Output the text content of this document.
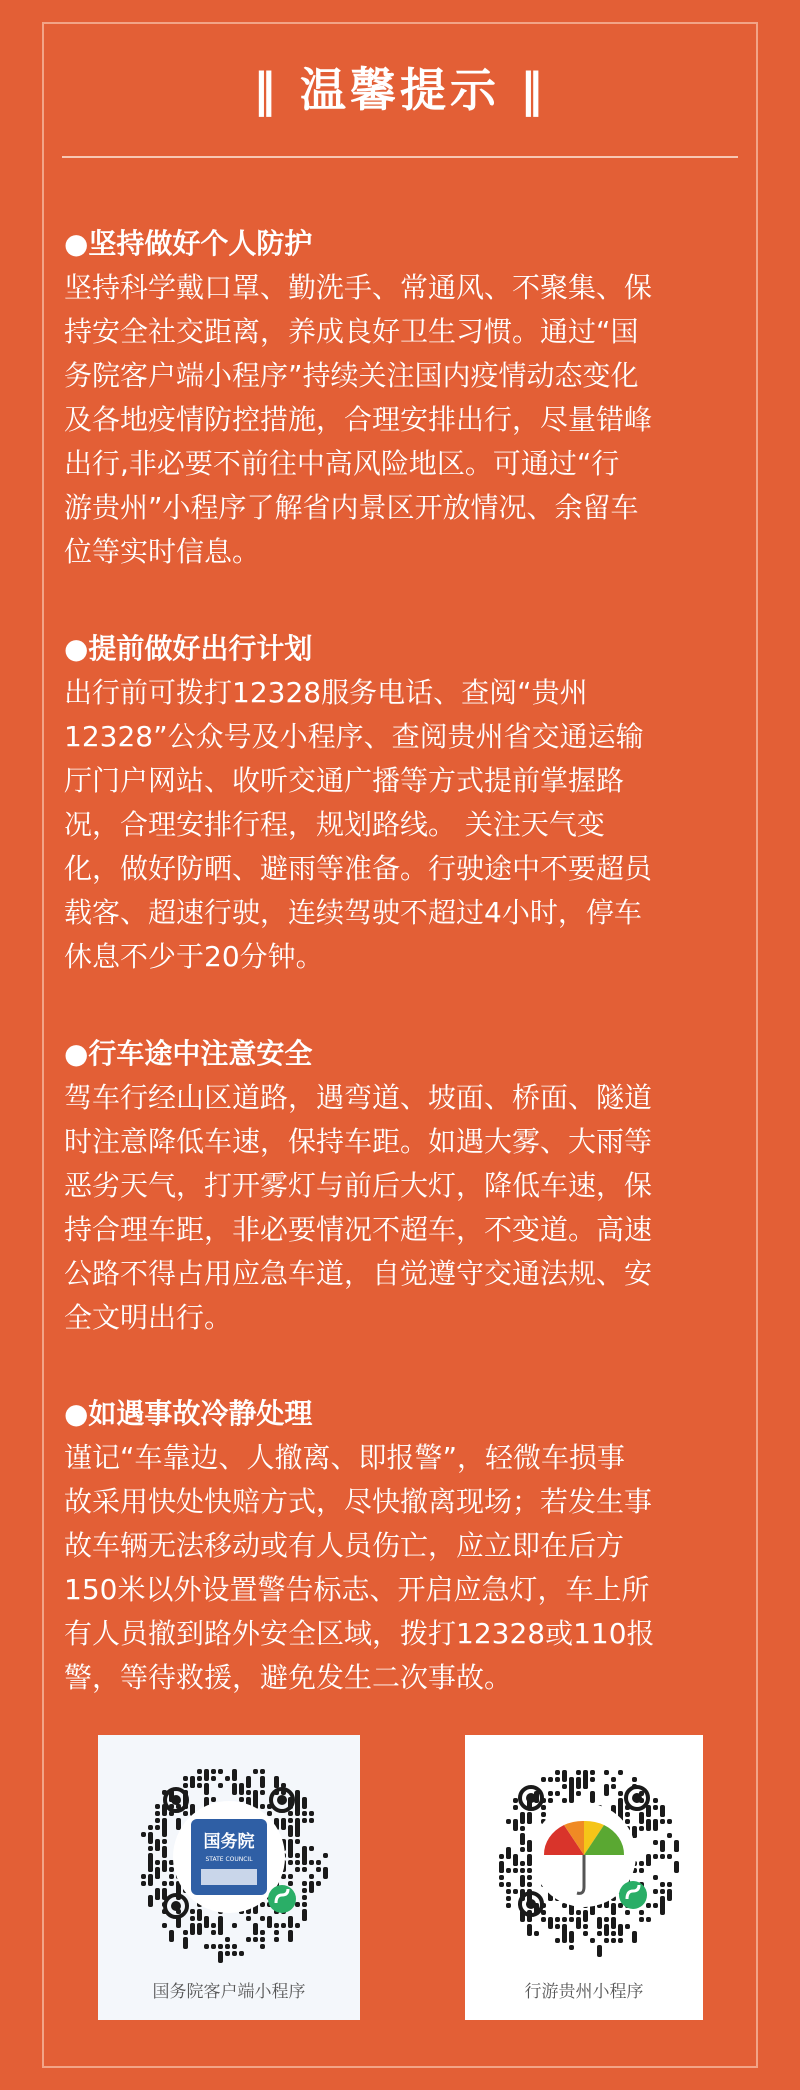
‖ 温馨提示 ‖
●坚持做好个人防护
坚持科学戴口罩、勤洗手、常通风、不聚集、保
持安全社交距离，养成良好卫生习惯。通过“国
务院客户端小程序”持续关注国内疫情动态变化
及各地疫情防控措施，合理安排出行，尽量错峰
出行,非必要不前往中高风险地区。可通过“行
游贵州”小程序了解省内景区开放情况、余留车
位等实时信息。
●提前做好出行计划
出行前可拨打12328服务电话、查阅“贵州
12328”公众号及小程序、查阅贵州省交通运输
厅门户网站、收听交通广播等方式提前掌握路
况，合理安排行程，规划路线。 关注天气变
化，做好防晒、避雨等准备。行驶途中不要超员
载客、超速行驶，连续驾驶不超过4小时，停车
休息不少于20分钟。
●行车途中注意安全
驾车行经山区道路，遇弯道、坡面、桥面、隧道
时注意降低车速，保持车距。如遇大雾、大雨等
恶劣天气，打开雾灯与前后大灯，降低车速，保
持合理车距，非必要情况不超车，不变道。高速
公路不得占用应急车道，自觉遵守交通法规、安
全文明出行。
●如遇事故冷静处理
谨记“车靠边、人撤离、即报警”，轻微车损事
故采用快处快赔方式，尽快撤离现场；若发生事
故车辆无法移动或有人员伤亡，应立即在后方
150米以外设置警告标志、开启应急灯，车上所
有人员撤到路外安全区域，拨打12328或110报
警，等待救援，避免发生二次事故。
国务院
STATE COUNCIL
国务院客户端小程序	行游贵州小程序
